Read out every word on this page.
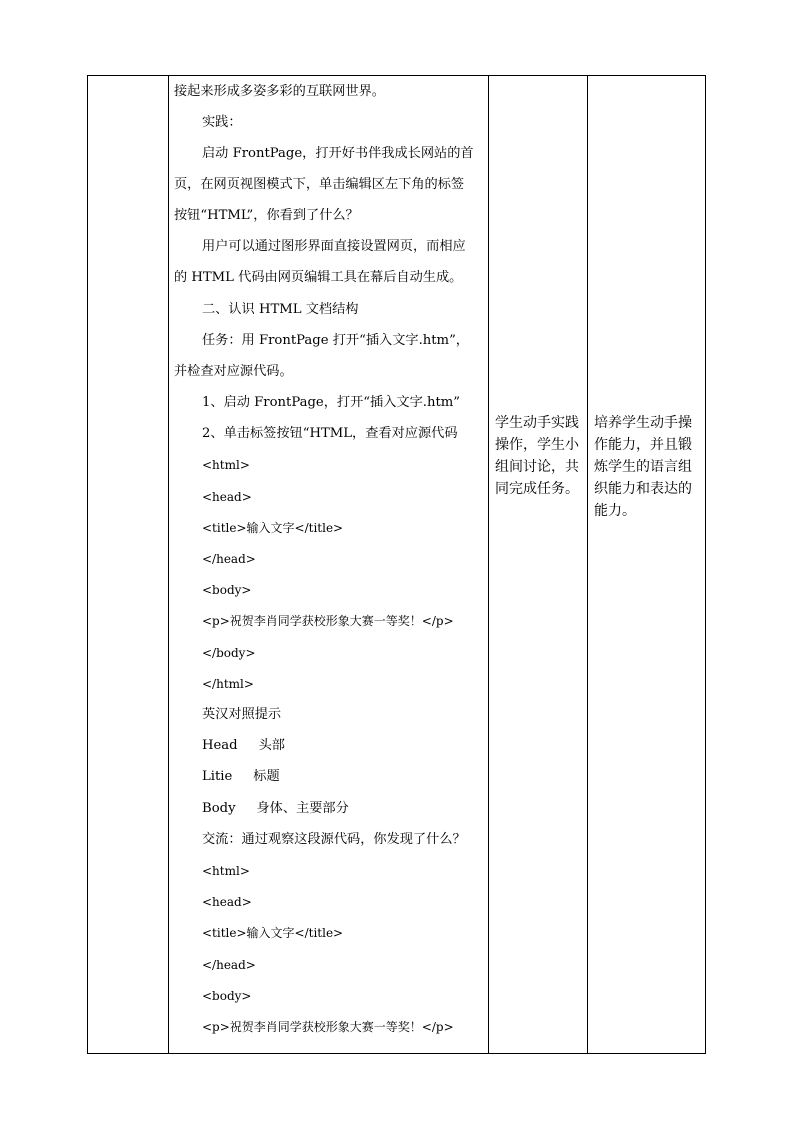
接起来形成多姿多彩的互联网世界。
实践：
启动 FrontPage，打开好书伴我成长网站的首
页，在网页视图模式下，单击编辑区左下角的标签
按钮“HTML”，你看到了什么？
用户可以通过图形界面直接设置网页，而相应
的 HTML 代码由网页编辑工具在幕后自动生成。
二、认识 HTML 文档结构
任务：用 FrontPage 打开“插入文字.htm”，
并检查对应源代码。
1、启动 FrontPage，打开“插入文字.htm”
2、单击标签按钮“HTML，查看对应源代码
<html>
<head>
<title>输入文字</title>
</head>
<body>
<p>祝贺李肖同学获校形象大赛一等奖！</p>
</body>
</html>
英汉对照提示
Head     头部
Litie     标题
Body     身体、主要部分
交流：通过观察这段源代码，你发现了什么？
<html>
<head>
<title>输入文字</title>
</head>
<body>
<p>祝贺李肖同学获校形象大赛一等奖！</p>
学生动手实践操作，学生小组间讨论，共同完成任务。
培养学生动手操作能力，并且锻炼学生的语言组织能力和表达的能力。
